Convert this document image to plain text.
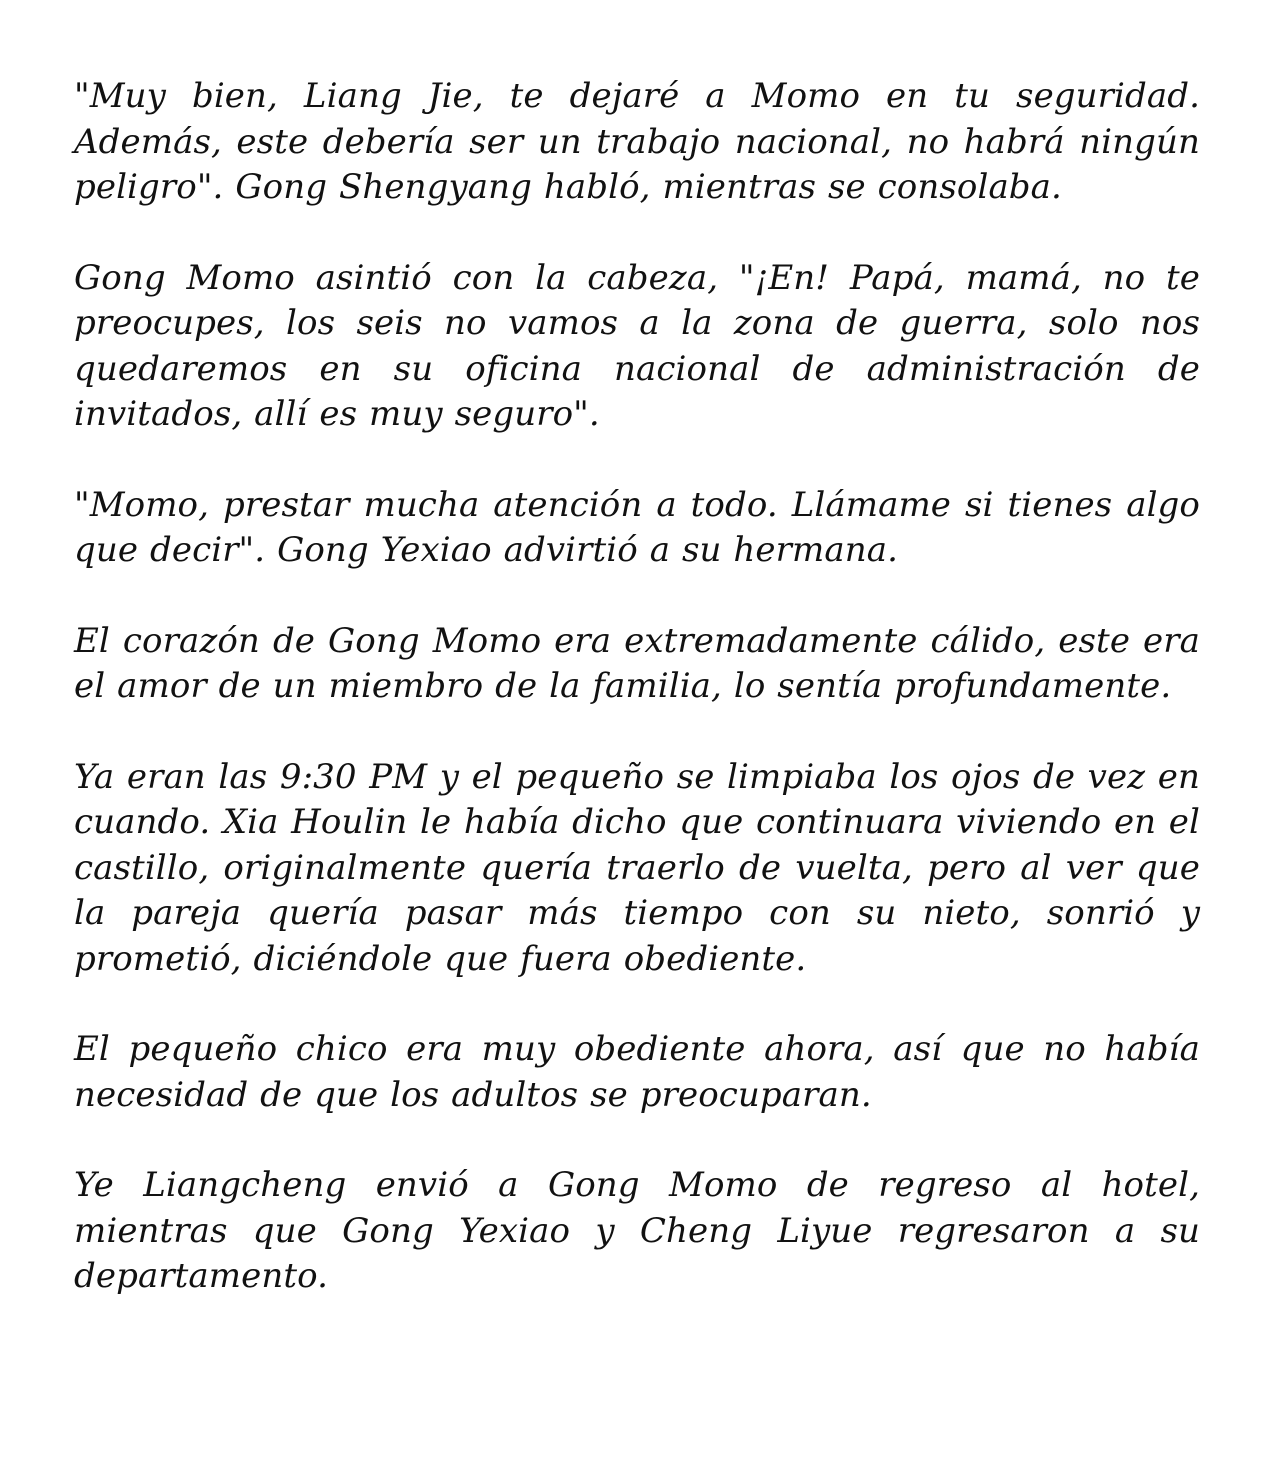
"Muy bien, Liang Jie, te dejaré a Momo en tu seguridad. Además, este debería ser un trabajo nacional, no habrá ningún peligro". Gong Shengyang habló, mientras se consolaba.

Gong Momo asintió con la cabeza, "¡En! Papá, mamá, no te preocupes, los seis no vamos a la zona de guerra, solo nos quedaremos en su oficina nacional de administración de invitados, allí es muy seguro".

"Momo, prestar mucha atención a todo. Llámame si tienes algo que decir". Gong Yexiao advirtió a su hermana.

El corazón de Gong Momo era extremadamente cálido, este era el amor de un miembro de la familia, lo sentía profundamente.

Ya eran las 9:30 PM y el pequeño se limpiaba los ojos de vez en cuando. Xia Houlin le había dicho que continuara viviendo en el castillo, originalmente quería traerlo de vuelta, pero al ver que la pareja quería pasar más tiempo con su nieto, sonrió y prometió, diciéndole que fuera obediente.

El pequeño chico era muy obediente ahora, así que no había necesidad de que los adultos se preocuparan.

Ye Liangcheng envió a Gong Momo de regreso al hotel, mientras que Gong Yexiao y Cheng Liyue regresaron a su departamento.
